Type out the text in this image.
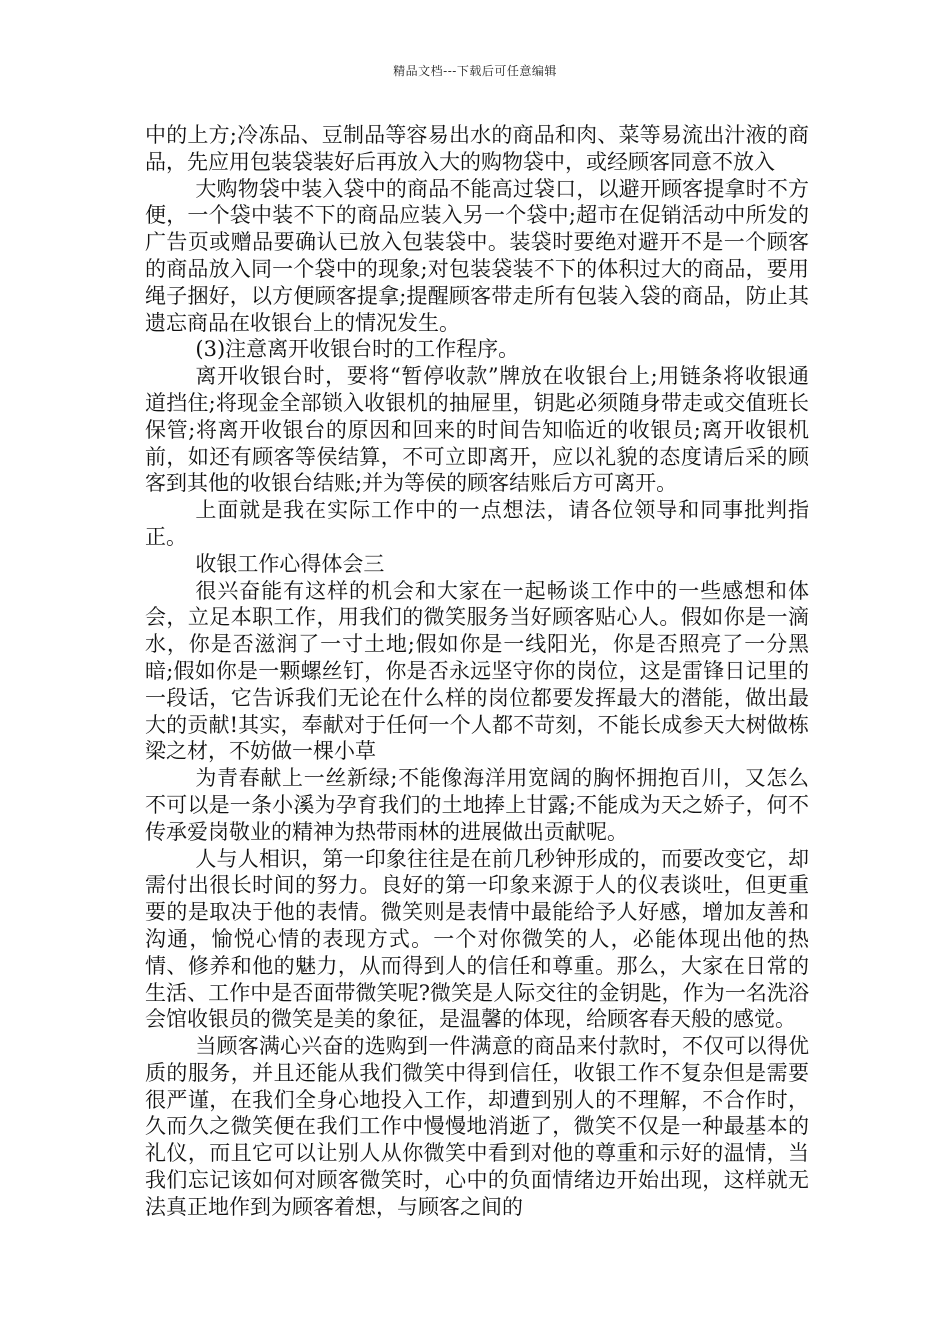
精品文档---下载后可任意编辑

中的上方;冷冻品、豆制品等容易出水的商品和肉、菜等易流出汁液的商品，先应用包装袋装好后再放入大的购物袋中，或经顾客同意不放入

大购物袋中装入袋中的商品不能高过袋口，以避开顾客提拿时不方便，一个袋中装不下的商品应装入另一个袋中;超市在促销活动中所发的广告页或赠品要确认已放入包装袋中。装袋时要绝对避开不是一个顾客的商品放入同一个袋中的现象;对包装袋装不下的体积过大的商品，要用绳子捆好，以方便顾客提拿;提醒顾客带走所有包装入袋的商品，防止其遗忘商品在收银台上的情况发生。

(3)注意离开收银台时的工作程序。

离开收银台时，要将“暂停收款”牌放在收银台上;用链条将收银通道挡住;将现金全部锁入收银机的抽屉里，钥匙必须随身带走或交值班长保管;将离开收银台的原因和回来的时间告知临近的收银员;离开收银机前，如还有顾客等侯结算，不可立即离开，应以礼貌的态度请后采的顾客到其他的收银台结账;并为等侯的顾客结账后方可离开。

上面就是我在实际工作中的一点想法，请各位领导和同事批判指正。

收银工作心得体会三

很兴奋能有这样的机会和大家在一起畅谈工作中的一些感想和体会，立足本职工作，用我们的微笑服务当好顾客贴心人。假如你是一滴水，你是否滋润了一寸土地;假如你是一线阳光，你是否照亮了一分黑暗;假如你是一颗螺丝钉，你是否永远坚守你的岗位，这是雷锋日记里的一段话，它告诉我们无论在什么样的岗位都要发挥最大的潜能，做出最大的贡献!其实，奉献对于任何一个人都不苛刻，不能长成参天大树做栋梁之材，不妨做一棵小草

为青春献上一丝新绿;不能像海洋用宽阔的胸怀拥抱百川，又怎么不可以是一条小溪为孕育我们的土地捧上甘露;不能成为天之娇子，何不传承爱岗敬业的精神为热带雨林的进展做出贡献呢。

人与人相识，第一印象往往是在前几秒钟形成的，而要改变它，却需付出很长时间的努力。良好的第一印象来源于人的仪表谈吐，但更重要的是取决于他的表情。微笑则是表情中最能给予人好感，增加友善和沟通，愉悦心情的表现方式。一个对你微笑的人，必能体现出他的热情、修养和他的魅力，从而得到人的信任和尊重。那么，大家在日常的生活、工作中是否面带微笑呢?微笑是人际交往的金钥匙，作为一名洗浴会馆收银员的微笑是美的象征，是温馨的体现，给顾客春天般的感觉。

当顾客满心兴奋的选购到一件满意的商品来付款时，不仅可以得优质的服务，并且还能从我们微笑中得到信任，收银工作不复杂但是需要很严谨，在我们全身心地投入工作，却遭到别人的不理解，不合作时，久而久之微笑便在我们工作中慢慢地消逝了，微笑不仅是一种最基本的礼仪，而且它可以让别人从你微笑中看到对他的尊重和示好的温情，当我们忘记该如何对顾客微笑时，心中的负面情绪边开始出现，这样就无法真正地作到为顾客着想，与顾客之间的
